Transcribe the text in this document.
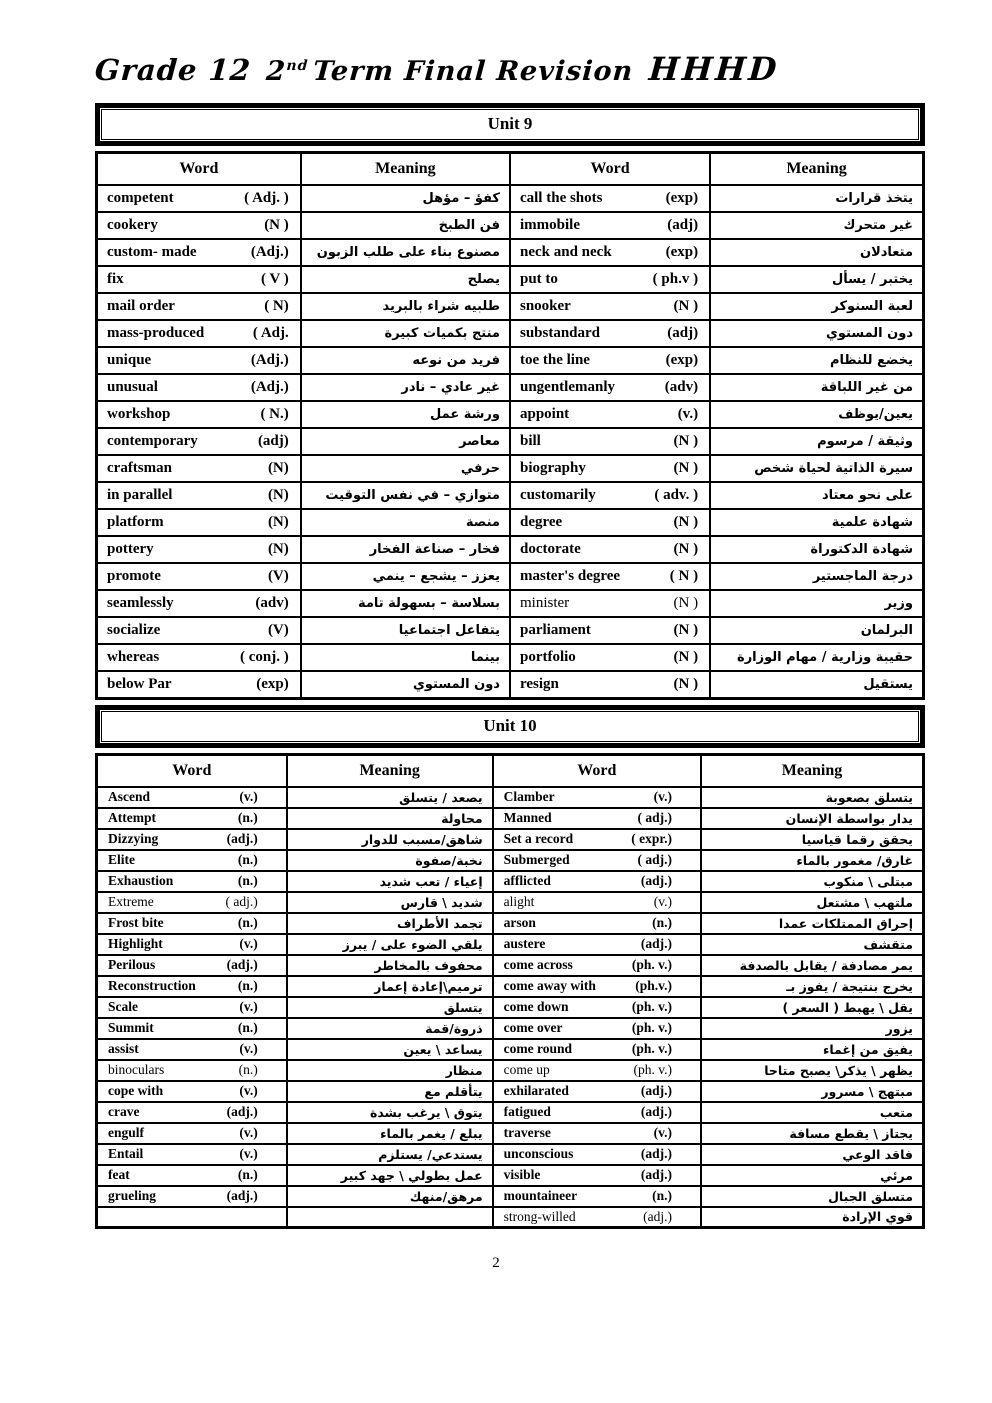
Grade 12 2nd Term Final Revision HHHD
Unit 9
Word	Meaning	Word	Meaning

competent ( Adj. )	كفؤ – مؤهل	call the shots (exp)	يتخذ قرارات

cookery (N )	فن الطبخ	immobile (adj)	غير متحرك

custom- made (Adj.)	مصنوع بناء على طلب الزبون	neck and neck (exp)	متعادلان

fix ( V )	يصلح	put to ( ph.v )	يختبر / يسأل

mail order ( N)	طلبيه شراء بالبريد	snooker (N )	لعبة السنوكر

mass-produced ( Adj.	منتج بكميات كبيرة	substandard (adj)	دون المستوي

unique (Adj.)	فريد من نوعه	toe the line (exp)	يخضع للنظام

unusual (Adj.)	غير عادي – نادر	ungentlemanly (adv)	من غير اللباقة

workshop ( N.)	ورشة عمل	appoint (v.)	يعين/يوظف

contemporary (adj)	معاصر	bill (N )	وثيقة / مرسوم

craftsman (N)	حرفي	biography (N )	سيرة الذاتية لحياة شخص

in parallel (N)	متوازي – في نفس التوقيت	customarily ( adv. )	على نحو معتاد

platform (N)	منصة	degree (N )	شهادة علمية

pottery (N)	فخار – صناعة الفخار	doctorate (N )	شهادة الدكتوراة

promote (V)	يعزز – يشجع – ينمي	master's degree ( N )	درجة الماجستير

seamlessly (adv)	بسلاسة – بسهولة تامة	minister (N )	وزير

socialize (V)	يتفاعل اجتماعيا	parliament (N )	البرلمان

whereas ( conj. )	بينما	portfolio (N )	حقيبة وزارية / مهام الوزارة

below Par (exp)	دون المستوي	resign (N )	يستقيل
Unit 10
Word	Meaning	Word	Meaning

Ascend (v.)	يصعد / يتسلق	Clamber (v.)	يتسلق بصعوبة

Attempt (n.)	محاولة	Manned ( adj.)	يدار بواسطة الإنسان

Dizzying (adj.)	شاهق/مسبب للدوار	Set a record ( expr.)	يحقق رقما قياسيا

Elite (n.)	نخبة/صفوة	Submerged ( adj.)	غارق/ مغمور بالماء

Exhaustion (n.)	إعياء / تعب شديد	afflicted (adj.)	مبتلى \ منكوب

Extreme ( adj.)	شديد \ قارس	alight (v.)	ملتهب \ مشتعل

Frost bite (n.)	تجمد الأطراف	arson (n.)	إحراق الممتلكات عمدا

Highlight (v.)	يلقي الضوء على / يبرز	austere (adj.)	متقشف

Perilous (adj.)	محفوف بالمخاطر	come across (ph. v.)	يمر مصادفة / يقابل بالصدفة

Reconstruction (n.)	ترميم\إعادة إعمار	come away with (ph.v.)	يخرج بنتيجة / يفوز بـ

Scale (v.)	يتسلق	come down (ph. v.)	يقل \ يهبط ( السعر )

Summit (n.)	ذروة/قمة	come over (ph. v.)	يزور

assist (v.)	يساعد \ يعين	come round (ph. v.)	يفيق من إغماء

binoculars (n.)	منظار	come up (ph. v.)	يظهر \ يذكر\ يصبح متاحا

cope with (v.)	يتأقلم مع	exhilarated (adj.)	مبتهج \ مسرور

crave (adj.)	يتوق \ يرغب بشدة	fatigued (adj.)	متعب

engulf (v.)	يبلع / يغمر بالماء	traverse (v.)	يجتاز \ يقطع مسافة

Entail (v.)	يستدعي/ يستلزم	unconscious (adj.)	فاقد الوعي

feat (n.)	عمل بطولي \ جهد كبير	visible (adj.)	مرئي

grueling (adj.)	مرهق/منهك	mountaineer (n.)	متسلق الجبال

		strong-willed (adj.)	قوي الإرادة
2
